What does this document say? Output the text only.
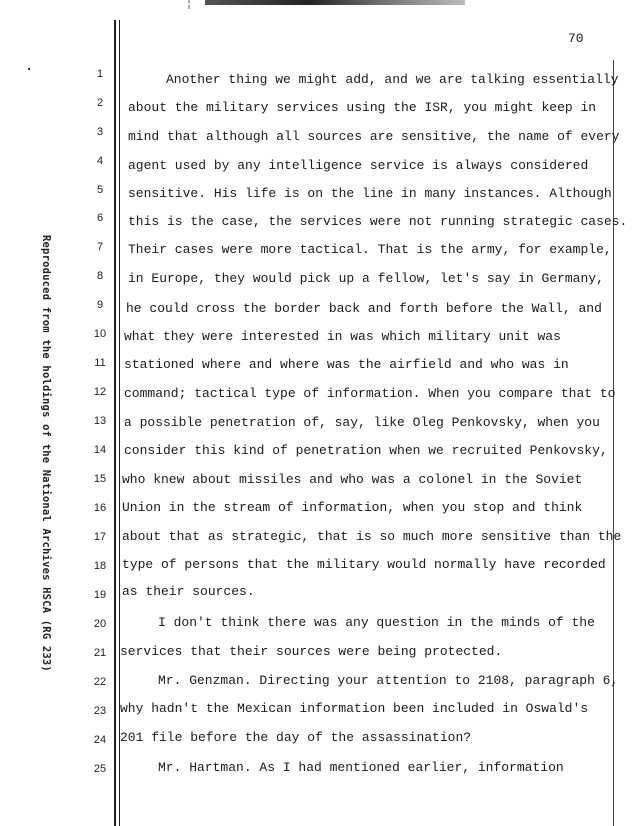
¦
70
Reproduced from the holdings of the National Archives HSCA (RG 233)
1
2
3
4
5
6
7
8
9
10
11
12
13
14
15
16
17
18
19
20
21
22
23
24
25
Another thing we might add, and we are talking essentially
about the military services using the ISR, you might keep in
mind that although all sources are sensitive, the name of every
agent used by any intelligence service is always considered
sensitive. His life is on the line in many instances. Although
this is the case, the services were not running strategic cases.
Their cases were more tactical. That is the army, for example,
in Europe, they would pick up a fellow, let's say in Germany,
he could cross the border back and forth before the Wall, and
what they were interested in was which military unit was
stationed where and where was the airfield and who was in
command; tactical type of information. When you compare that to
a possible penetration of, say, like Oleg Penkovsky, when you
consider this kind of penetration when we recruited Penkovsky,
who knew about missiles and who was a colonel in the Soviet
Union in the stream of information, when you stop and think
about that as strategic, that is so much more sensitive than the
type of persons that the military would normally have recorded
as their sources.
I don't think there was any question in the minds of the
services that their sources were being protected.
Mr. Genzman. Directing your attention to 2108, paragraph 6,
why hadn't the Mexican information been included in Oswald's
201 file before the day of the assassination?
Mr. Hartman. As I had mentioned earlier, information
